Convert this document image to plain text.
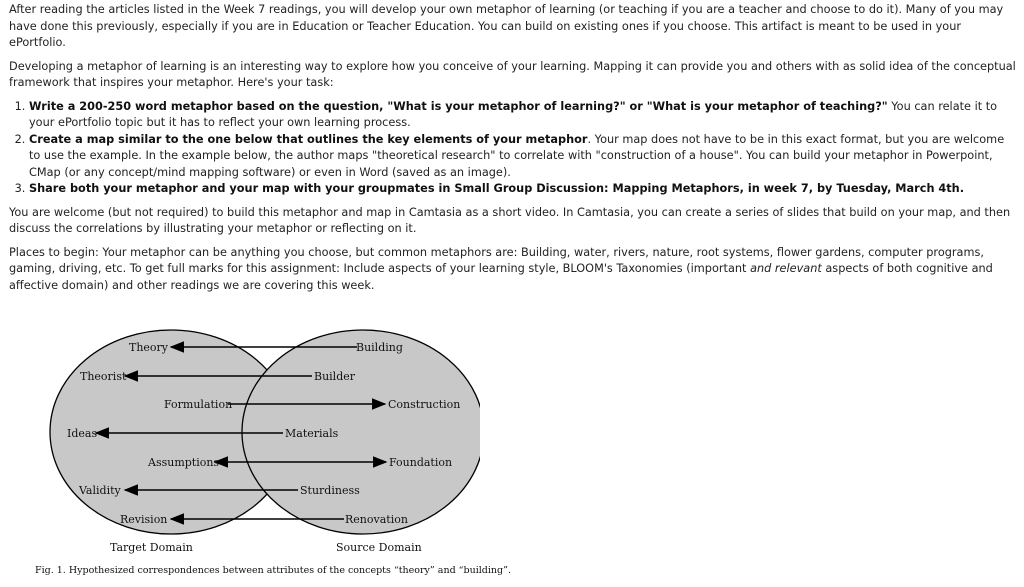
After reading the articles listed in the Week 7 readings, you will develop your own metaphor of learning (or teaching if you are a teacher and choose to do it). Many of you may have done this previously, especially if you are in Education or Teacher Education. You can build on existing ones if you choose. This artifact is meant to be used in your ePortfolio.

Developing a metaphor of learning is an interesting way to explore how you conceive of your learning. Mapping it can provide you and others with as solid idea of the conceptual framework that inspires your metaphor. Here's your task:

1. Write a 200-250 word metaphor based on the question, "What is your metaphor of learning?" or "What is your metaphor of teaching?" You can relate it to your ePortfolio topic but it has to reflect your own learning process.
2. Create a map similar to the one below that outlines the key elements of your metaphor. Your map does not have to be in this exact format, but you are welcome to use the example. In the example below, the author maps "theoretical research" to correlate with "construction of a house". You can build your metaphor in Powerpoint, CMap (or any concept/mind mapping software) or even in Word (saved as an image).
3. Share both your metaphor and your map with your groupmates in Small Group Discussion: Mapping Metaphors, in week 7, by Tuesday, March 4th.

You are welcome (but not required) to build this metaphor and map in Camtasia as a short video. In Camtasia, you can create a series of slides that build on your map, and then discuss the correlations by illustrating your metaphor or reflecting on it.

Places to begin: Your metaphor can be anything you choose, but common metaphors are: Building, water, rivers, nature, root systems, flower gardens, computer programs, gaming, driving, etc. To get full marks for this assignment: Include aspects of your learning style, BLOOM's Taxonomies (important and relevant aspects of both cognitive and affective domain) and other readings we are covering this week.

Theory
Theorist
Formulation
Ideas
Assumptions
Validity
Revision
Building
Builder
Construction
Materials
Foundation
Sturdiness
Renovation
Target Domain	Source Domain
Fig. 1. Hypothesized correspondences between attributes of the concepts “theory” and “building”.
